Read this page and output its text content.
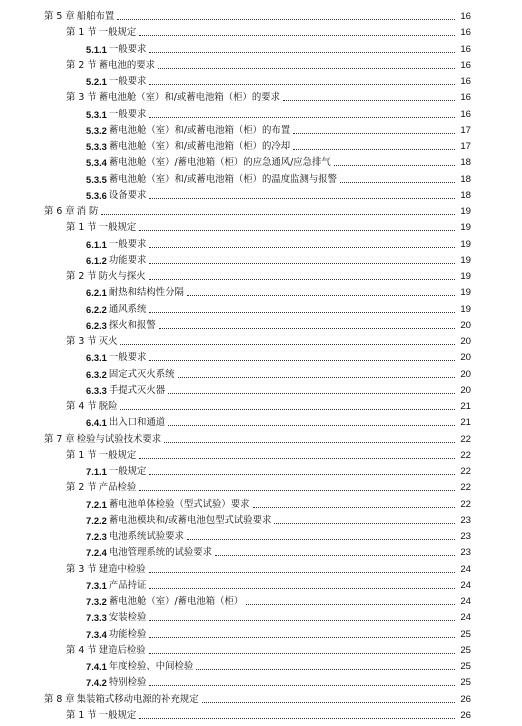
第 5 章 船舶布置	16
第 1 节 一般规定	16
5.1.1 一般要求	16
第 2 节 蓄电池的要求	16
5.2.1 一般要求	16
第 3 节 蓄电池舱（室）和/或蓄电池箱（柜）的要求	16
5.3.1 一般要求	16
5.3.2 蓄电池舱（室）和/或蓄电池箱（柜）的布置	17
5.3.3 蓄电池舱（室）和/或蓄电池箱（柜）的冷却	17
5.3.4 蓄电池舱（室）/蓄电池箱（柜）的应急通风/应急排气	18
5.3.5 蓄电池舱（室）和/或蓄电池箱（柜）的温度监测与报警	18
5.3.6 设备要求	18
第 6 章 消 防	19
第 1 节 一般规定	19
6.1.1 一般要求	19
6.1.2 功能要求	19
第 2 节 防火与探火	19
6.2.1 耐热和结构性分隔	19
6.2.2 通风系统	19
6.2.3 探火和报警	20
第 3 节 灭火	20
6.3.1 一般要求	20
6.3.2 固定式灭火系统	20
6.3.3 手提式灭火器	20
第 4 节 脱险	21
6.4.1 出入口和通道	21
第 7 章 检验与试验技术要求	22
第 1 节 一般规定	22
7.1.1 一般规定	22
第 2 节 产品检验	22
7.2.1 蓄电池单体检验（型式试验）要求	22
7.2.2 蓄电池模块和/或蓄电池包型式试验要求	23
7.2.3 电池系统试验要求	23
7.2.4 电池管理系统的试验要求	23
第 3 节 建造中检验	24
7.3.1 产品持证	24
7.3.2 蓄电池舱（室）/蓄电池箱（柜）	24
7.3.3 安装检验	24
7.3.4 功能检验	25
第 4 节 建造后检验	25
7.4.1 年度检验、中间检验	25
7.4.2 特别检验	25
第 8 章 集装箱式移动电源的补充规定	26
第 1 节 一般规定	26
